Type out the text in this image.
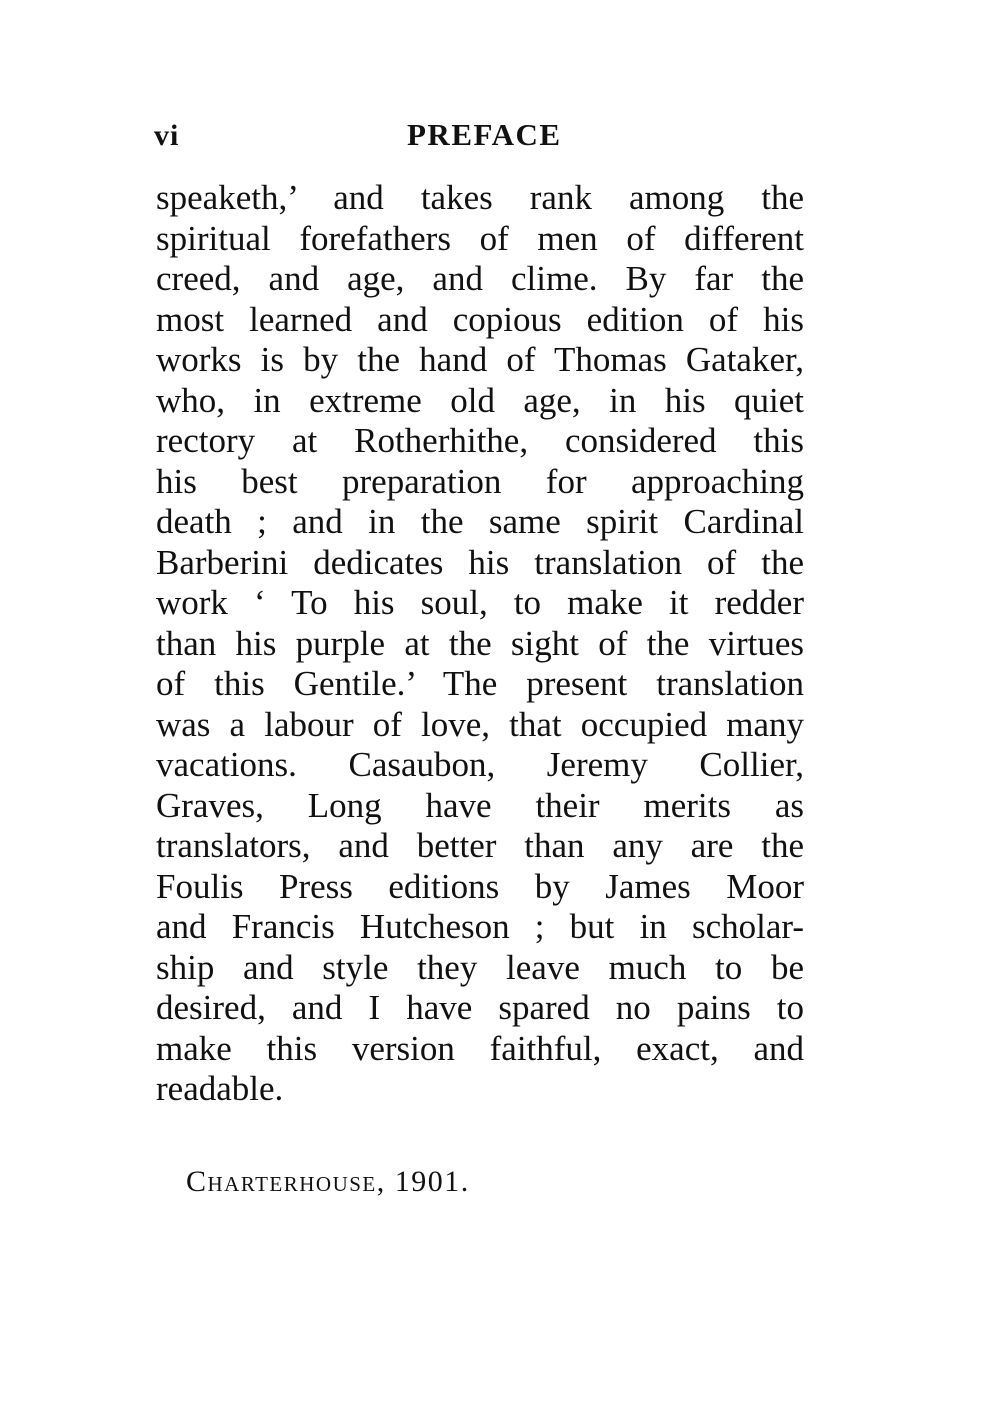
vi	PREFACE
speaketh,’ and takes rank among the
spiritual forefathers of men of different
creed, and age, and clime. By far the
most learned and copious edition of his
works is by the hand of Thomas Gataker,
who, in extreme old age, in his quiet
rectory at Rotherhithe, considered this
his best preparation for approaching
death ; and in the same spirit Cardinal
Barberini dedicates his translation of the
work ‘ To his soul, to make it redder
than his purple at the sight of the virtues
of this Gentile.’ The present translation
was a labour of love, that occupied many
vacations. Casaubon, Jeremy Collier,
Graves, Long have their merits as
translators, and better than any are the
Foulis Press editions by James Moor
and Francis Hutcheson ; but in scholar-
ship and style they leave much to be
desired, and I have spared no pains to
make this version faithful, exact, and
readable.
Charterhouse, 1901.
